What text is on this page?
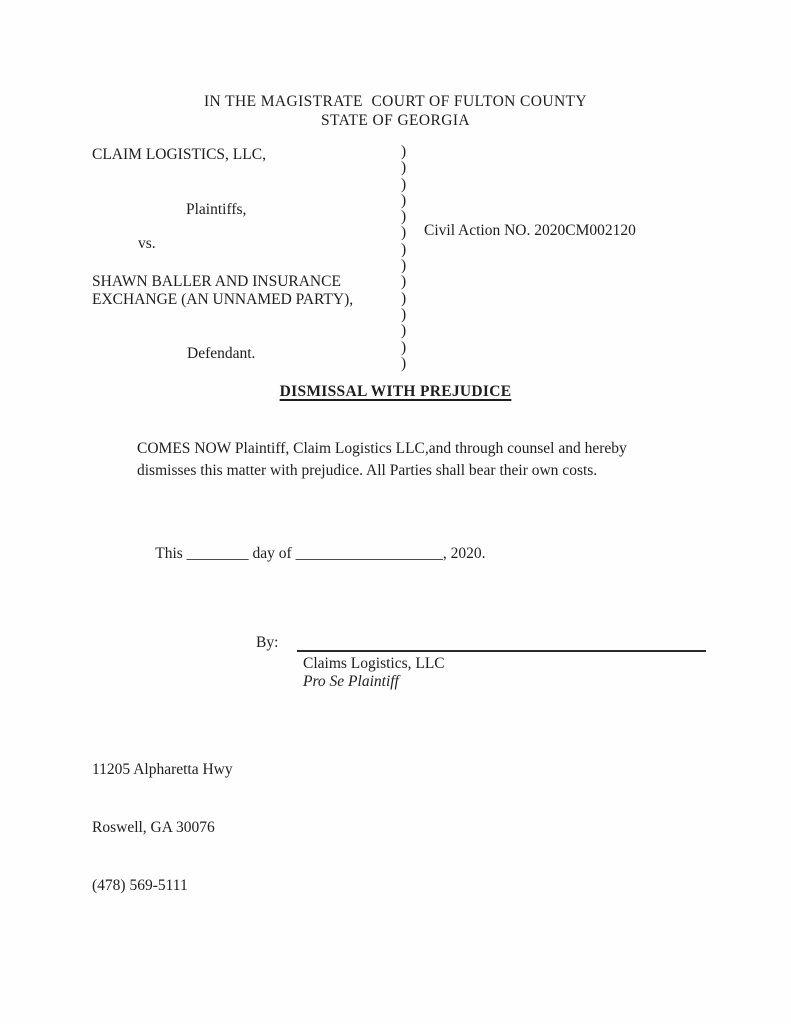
IN THE MAGISTRATE  COURT OF FULTON COUNTY
STATE OF GEORGIA
CLAIM LOGISTICS, LLC,
Plaintiffs,
vs.
SHAWN BALLER AND INSURANCE
EXCHANGE (AN UNNAMED PARTY),
Defendant.
)
)
)
)
)
)
)
)
)
)
)
)
)
)
Civil Action NO. 2020CM002120
DISMISSAL WITH PREJUDICE
COMES NOW Plaintiff, Claim Logistics LLC,and through counsel and hereby dismisses this matter with prejudice. All Parties shall bear their own costs.

This ________ day of ___________________, 2020.

By:
Claims Logistics, LLC
Pro Se Plaintiff

11205 Alpharetta Hwy

Roswell, GA 30076

(478) 569-5111
